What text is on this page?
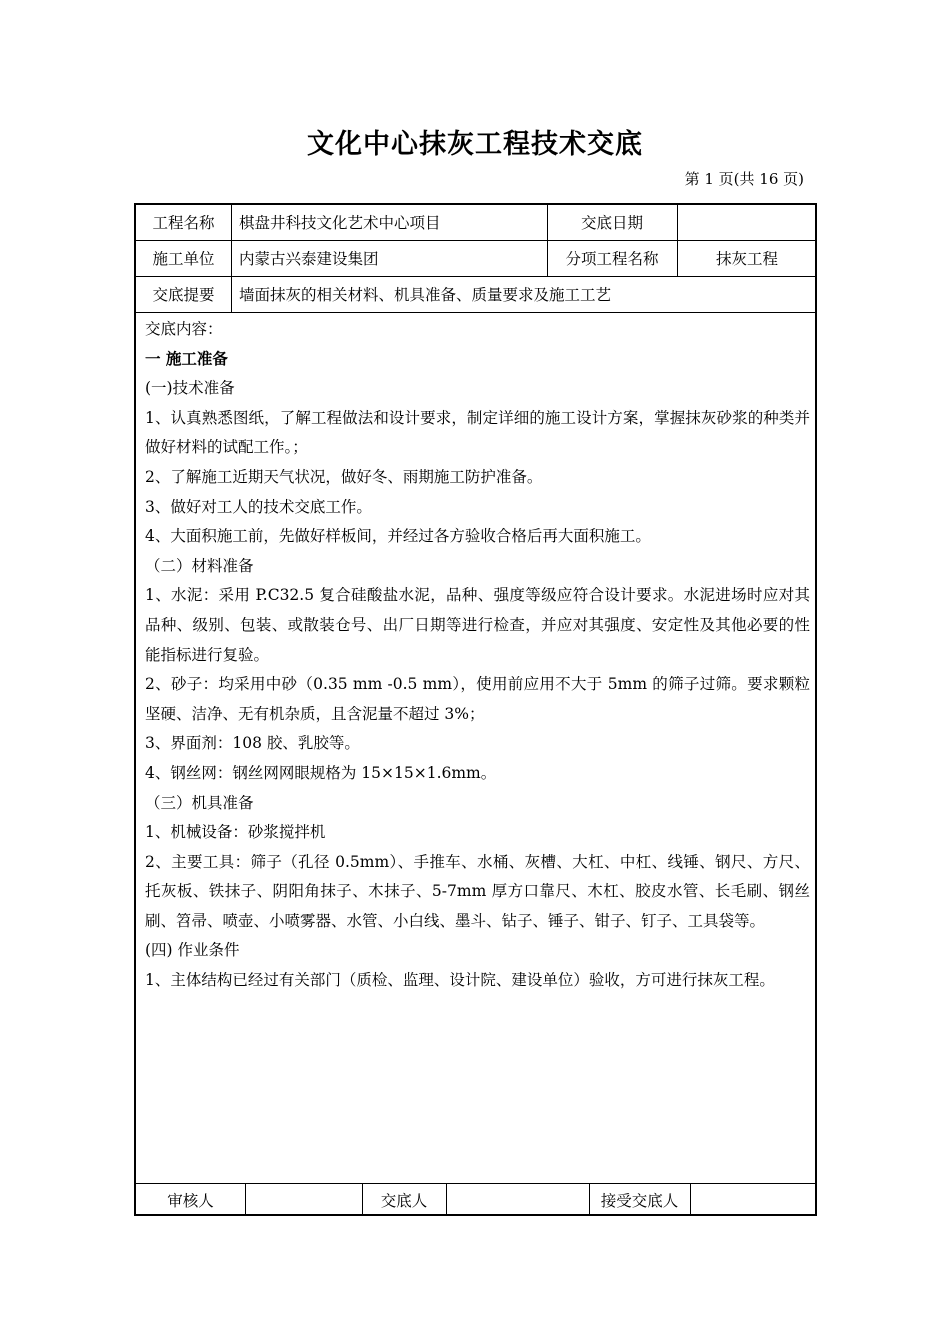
文化中心抹灰工程技术交底
第 1 页(共 16 页)
工程名称	棋盘井科技文化艺术中心项目	交底日期
施工单位	内蒙古兴泰建设集团	分项工程名称	抹灰工程
交底提要	墙面抹灰的相关材料、机具准备、质量要求及施工工艺

交底内容：

一 施工准备

(一)技术准备

1、认真熟悉图纸，了解工程做法和设计要求，制定详细的施工设计方案，掌握抹灰砂浆的种类并做好材料的试配工作。；

2、了解施工近期天气状况，做好冬、雨期施工防护准备。

3、做好对工人的技术交底工作。

4、大面积施工前，先做好样板间，并经过各方验收合格后再大面积施工。

（二）材料准备

1、水泥：采用 P.C32.5 复合硅酸盐水泥，品种、强度等级应符合设计要求。水泥进场时应对其品种、级别、包装、或散装仓号、出厂日期等进行检查，并应对其强度、安定性及其他必要的性能指标进行复验。

2、砂子：均采用中砂（0.35 mm -0.5 mm），使用前应用不大于 5mm 的筛子过筛。要求颗粒坚硬、洁净、无有机杂质，且含泥量不超过 3%；

3、界面剂：108 胶、乳胶等。

4、钢丝网：钢丝网网眼规格为 15×15×1.6mm。

（三）机具准备

1、机械设备：砂浆搅拌机

2、主要工具：筛子（孔径 0.5mm）、手推车、水桶、灰槽、大杠、中杠、线锤、钢尺、方尺、托灰板、铁抹子、阴阳角抹子、木抹子、5-7mm 厚方口靠尺、木杠、胶皮水管、长毛刷、钢丝刷、笤帚、喷壶、小喷雾器、水管、小白线、墨斗、钻子、锤子、钳子、钉子、工具袋等。

(四) 作业条件

1、主体结构已经过有关部门（质检、监理、设计院、建设单位）验收，方可进行抹灰工程。

审核人	交底人	接受交底人
